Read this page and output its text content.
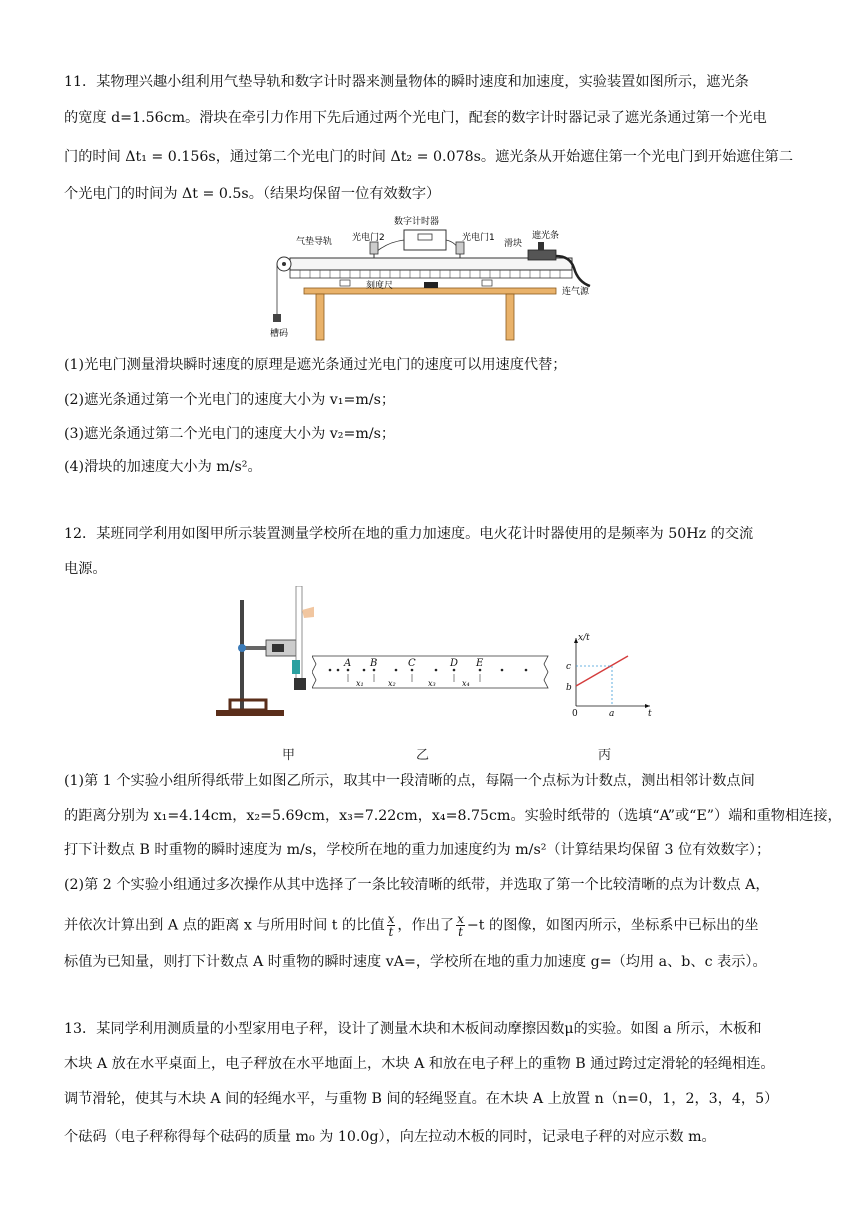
11．某物理兴趣小组利用气垫导轨和数字计时器来测量物体的瞬时速度和加速度，实验装置如图所示，遮光条
的宽度 d=1.56cm。滑块在牵引力作用下先后通过两个光电门，配套的数字计时器记录了遮光条通过第一个光电
门的时间 Δt₁ = 0.156s，通过第二个光电门的时间 Δt₂ = 0.078s。遮光条从开始遮住第一个光电门到开始遮住第二
个光电门的时间为 Δt = 0.5s。（结果均保留一位有效数字）
数字计时器
光电门2	光电门1
气垫导轨	滑块
遮光条
刻度尺
连气源
槽码
(1)光电门测量滑块瞬时速度的原理是遮光条通过光电门的速度可以用速度代替；
(2)遮光条通过第一个光电门的速度大小为 v₁=m/s；
(3)遮光条通过第二个光电门的速度大小为 v₂=m/s；
(4)滑块的加速度大小为 m/s²。
12．某班同学利用如图甲所示装置测量学校所在地的重力加速度。电火花计时器使用的是频率为 50Hz 的交流
电源。
甲
A B	C	D E
x₁	x₂	x₃	x₄
乙
x/t
t
c
b
a
0
丙
(1)第 1 个实验小组所得纸带上如图乙所示，取其中一段清晰的点，每隔一个点标为计数点，测出相邻计数点间
的距离分别为 x₁=4.14cm，x₂=5.69cm，x₃=7.22cm，x₄=8.75cm。实验时纸带的（选填“A”或“E”）端和重物相连接，
打下计数点 B 时重物的瞬时速度为 m/s，学校所在地的重力加速度约为 m/s²（计算结果均保留 3 位有效数字）；
(2)第 2 个实验小组通过多次操作从其中选择了一条比较清晰的纸带，并选取了第一个比较清晰的点为计数点 A，
并依次计算出到 A 点的距离 x 与所用时间 t 的比值 $\frac{x}{t}$ ，作出了 $\frac{x}{t} -t$ 的图像，如图丙所示，坐标系中已标出的坐
标值为已知量，则打下计数点 A 时重物的瞬时速度 vA=，学校所在地的重力加速度 g=（均用 a、b、c 表示）。
13．某同学利用测质量的小型家用电子秤，设计了测量木块和木板间动摩擦因数μ的实验。如图 a 所示，木板和
木块 A 放在水平桌面上，电子秤放在水平地面上，木块 A 和放在电子秤上的重物 B 通过跨过定滑轮的轻绳相连。
调节滑轮，使其与木块 A 间的轻绳水平，与重物 B 间的轻绳竖直。在木块 A 上放置 n（n=0，1，2，3，4，5）
个砝码（电子秤称得每个砝码的质量 m₀ 为 10.0g），向左拉动木板的同时，记录电子秤的对应示数 m。
